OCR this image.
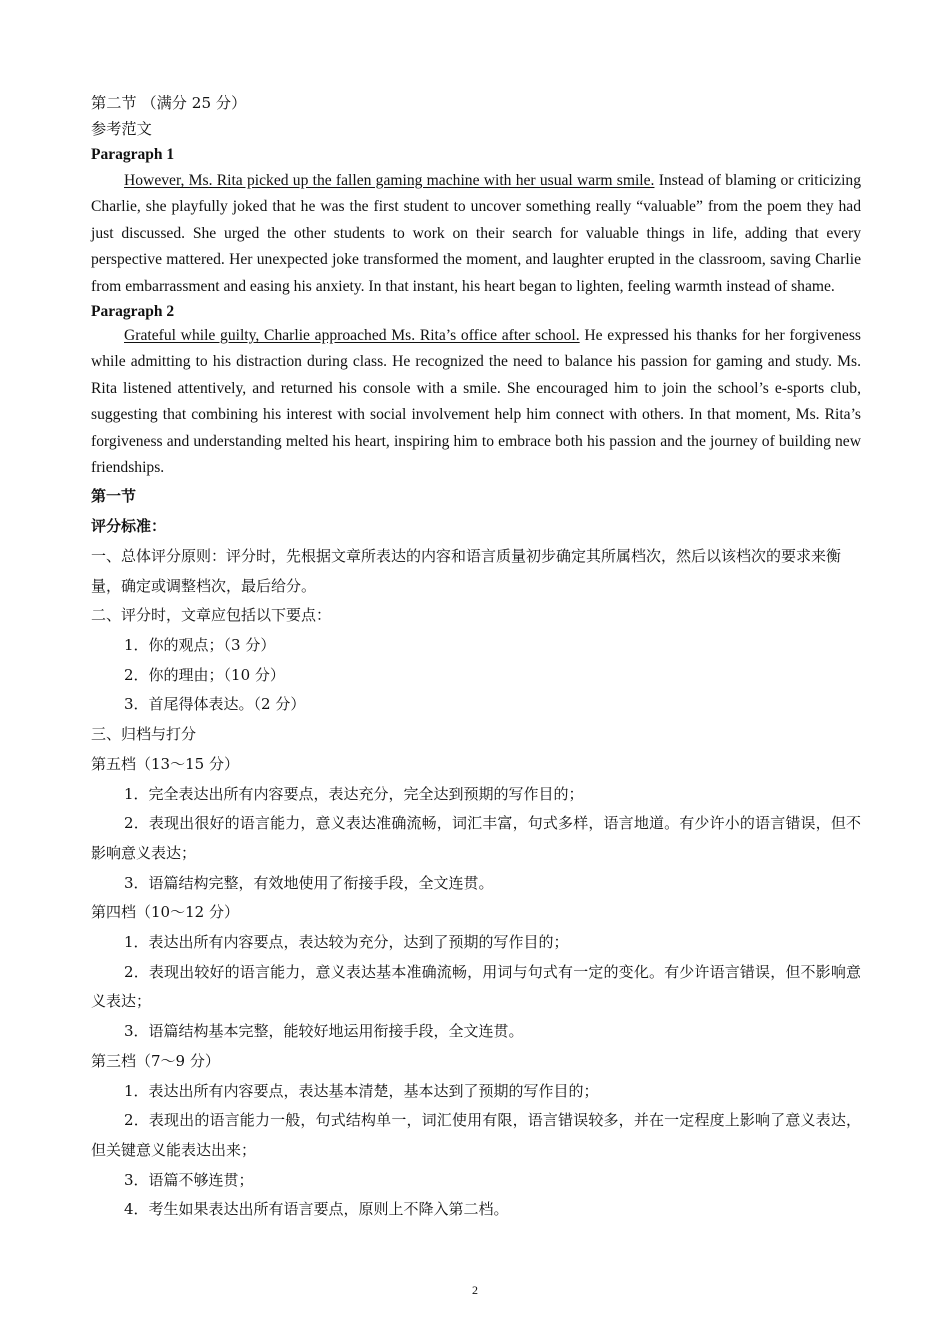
第二节 （满分 25 分）

参考范文

Paragraph 1

However, Ms. Rita picked up the fallen gaming machine with her usual warm smile. Instead of blaming or criticizing Charlie, she playfully joked that he was the first student to uncover something really “valuable” from the poem they had just discussed. She urged the other students to work on their search for valuable things in life, adding that every perspective mattered. Her unexpected joke transformed the moment, and laughter erupted in the classroom, saving Charlie from embarrassment and easing his anxiety. In that instant, his heart began to lighten, feeling warmth instead of shame.

Paragraph 2

Grateful while guilty, Charlie approached Ms. Rita’s office after school. He expressed his thanks for her forgiveness while admitting to his distraction during class. He recognized the need to balance his passion for gaming and study. Ms. Rita listened attentively, and returned his console with a smile. She encouraged him to join the school’s e-sports club, suggesting that combining his interest with social involvement help him connect with others. In that moment, Ms. Rita’s forgiveness and understanding melted his heart, inspiring him to embrace both his passion and the journey of building new friendships.

第一节

评分标准：

一、总体评分原则：评分时，先根据文章所表达的内容和语言质量初步确定其所属档次，然后以该档次的要求来衡量，确定或调整档次，最后给分。

二、评分时，文章应包括以下要点：

1．你的观点；（3 分）

2．你的理由；（10 分）

3．首尾得体表达。（2 分）

三、归档与打分

第五档（13～15 分）

1．完全表达出所有内容要点，表达充分，完全达到预期的写作目的；

2．表现出很好的语言能力，意义表达准确流畅，词汇丰富，句式多样，语言地道。有少许小的语言错误，但不影响意义表达；

3．语篇结构完整，有效地使用了衔接手段，全文连贯。

第四档（10～12 分）

1．表达出所有内容要点，表达较为充分，达到了预期的写作目的；

2．表现出较好的语言能力，意义表达基本准确流畅，用词与句式有一定的变化。有少许语言错误，但不影响意义表达；

3．语篇结构基本完整，能较好地运用衔接手段，全文连贯。

第三档（7～9 分）

1．表达出所有内容要点，表达基本清楚，基本达到了预期的写作目的；

2．表现出的语言能力一般，句式结构单一，词汇使用有限，语言错误较多，并在一定程度上影响了意义表达，但关键意义能表达出来；

3．语篇不够连贯；

4．考生如果表达出所有语言要点，原则上不降入第二档。

2
